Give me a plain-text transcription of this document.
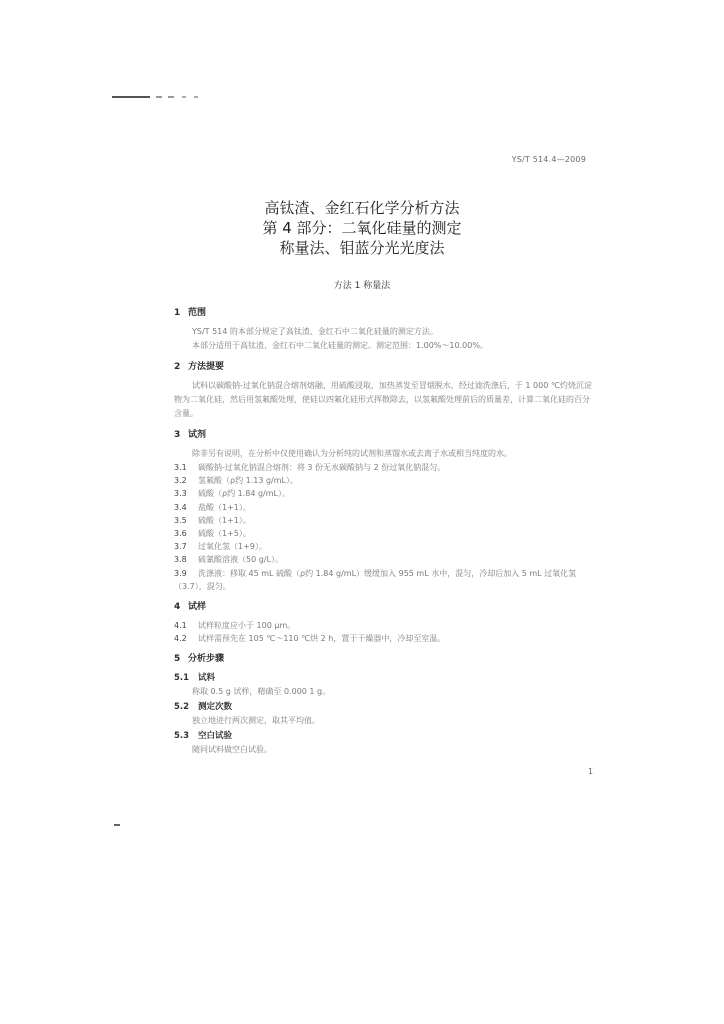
YS/T 514.4—2009
高钛渣、金红石化学分析方法
第 4 部分：二氧化硅量的测定
称量法、钼蓝分光光度法
方法 1 称量法
1 范围

YS/T 514 的本部分规定了高钛渣、金红石中二氧化硅量的测定方法。

本部分适用于高钛渣、金红石中二氧化硅量的测定。测定范围：1.00%～10.00%。

2 方法提要

试料以碳酸钠-过氧化钠混合熔剂熔融，用硫酸浸取，加热蒸发至冒烟脱水，经过滤洗涤后，于 1 000 ℃灼烧沉淀物为二氧化硅，然后用氢氟酸处理，使硅以四氟化硅形式挥散除去，以氢氟酸处理前后的质量差，计算二氧化硅的百分含量。

3 试剂

除非另有说明，在分析中仅使用确认为分析纯的试剂和蒸馏水或去离子水或相当纯度的水。

3.1 碳酸钠-过氧化钠混合熔剂：将 3 份无水碳酸钠与 2 份过氧化钠混匀。

3.2 氢氟酸（ρ约 1.13 g/mL）。

3.3 硫酸（ρ约 1.84 g/mL）。

3.4 盐酸（1+1）。

3.5 硫酸（1+1）。

3.6 硫酸（1+5）。

3.7 过氧化氢（1+9）。

3.8 硫氰酸溶液（50 g/L）。

3.9 洗涤液：移取 45 mL 硫酸（ρ约 1.84 g/mL）缓缓加入 955 mL 水中，混匀，冷却后加入 5 mL 过氧化氢（3.7），混匀。

4 试样

4.1 试样粒度应小于 100 μm。

4.2 试样需预先在 105 ℃～110 ℃烘 2 h，置于干燥器中，冷却至室温。

5 分析步骤
5.1 试料

称取 0.5 g 试样，精确至 0.000 1 g。

5.2 测定次数

独立地进行两次测定，取其平均值。

5.3 空白试验

随同试料做空白试验。

1
